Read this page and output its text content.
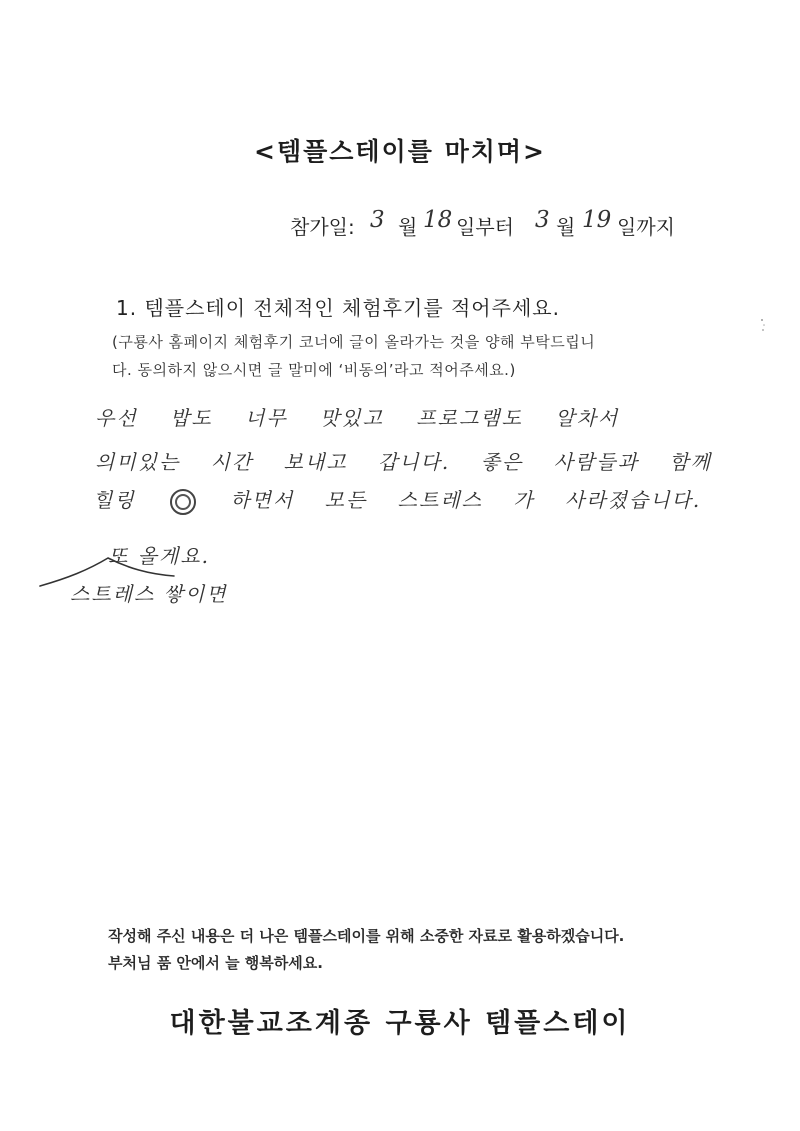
<템플스테이를 마치며>
참가일: 3 월 18 일부터 3 월 19 일까지
1. 템플스테이 전체적인 체험후기를 적어주세요.
(구룡사 홈페이지 체험후기 코너에 글이 올라가는 것을 양해 부탁드립니
다. 동의하지 않으시면 글 말미에 ‘비동의’라고 적어주세요.)
우선 밥도 너무 맛있고 프로그램도 알차서
의미있는 시간 보내고 갑니다. 좋은 사람들과 함께
힐링	하면서 모든 스트레스 가 사라졌습니다.
또 올게요.
스트레스 쌓이면
작성해 주신 내용은 더 나은 템플스테이를 위해 소중한 자료로 활용하겠습니다.
부처님 품 안에서 늘 행복하세요.
대한불교조계종 구룡사 템플스테이
